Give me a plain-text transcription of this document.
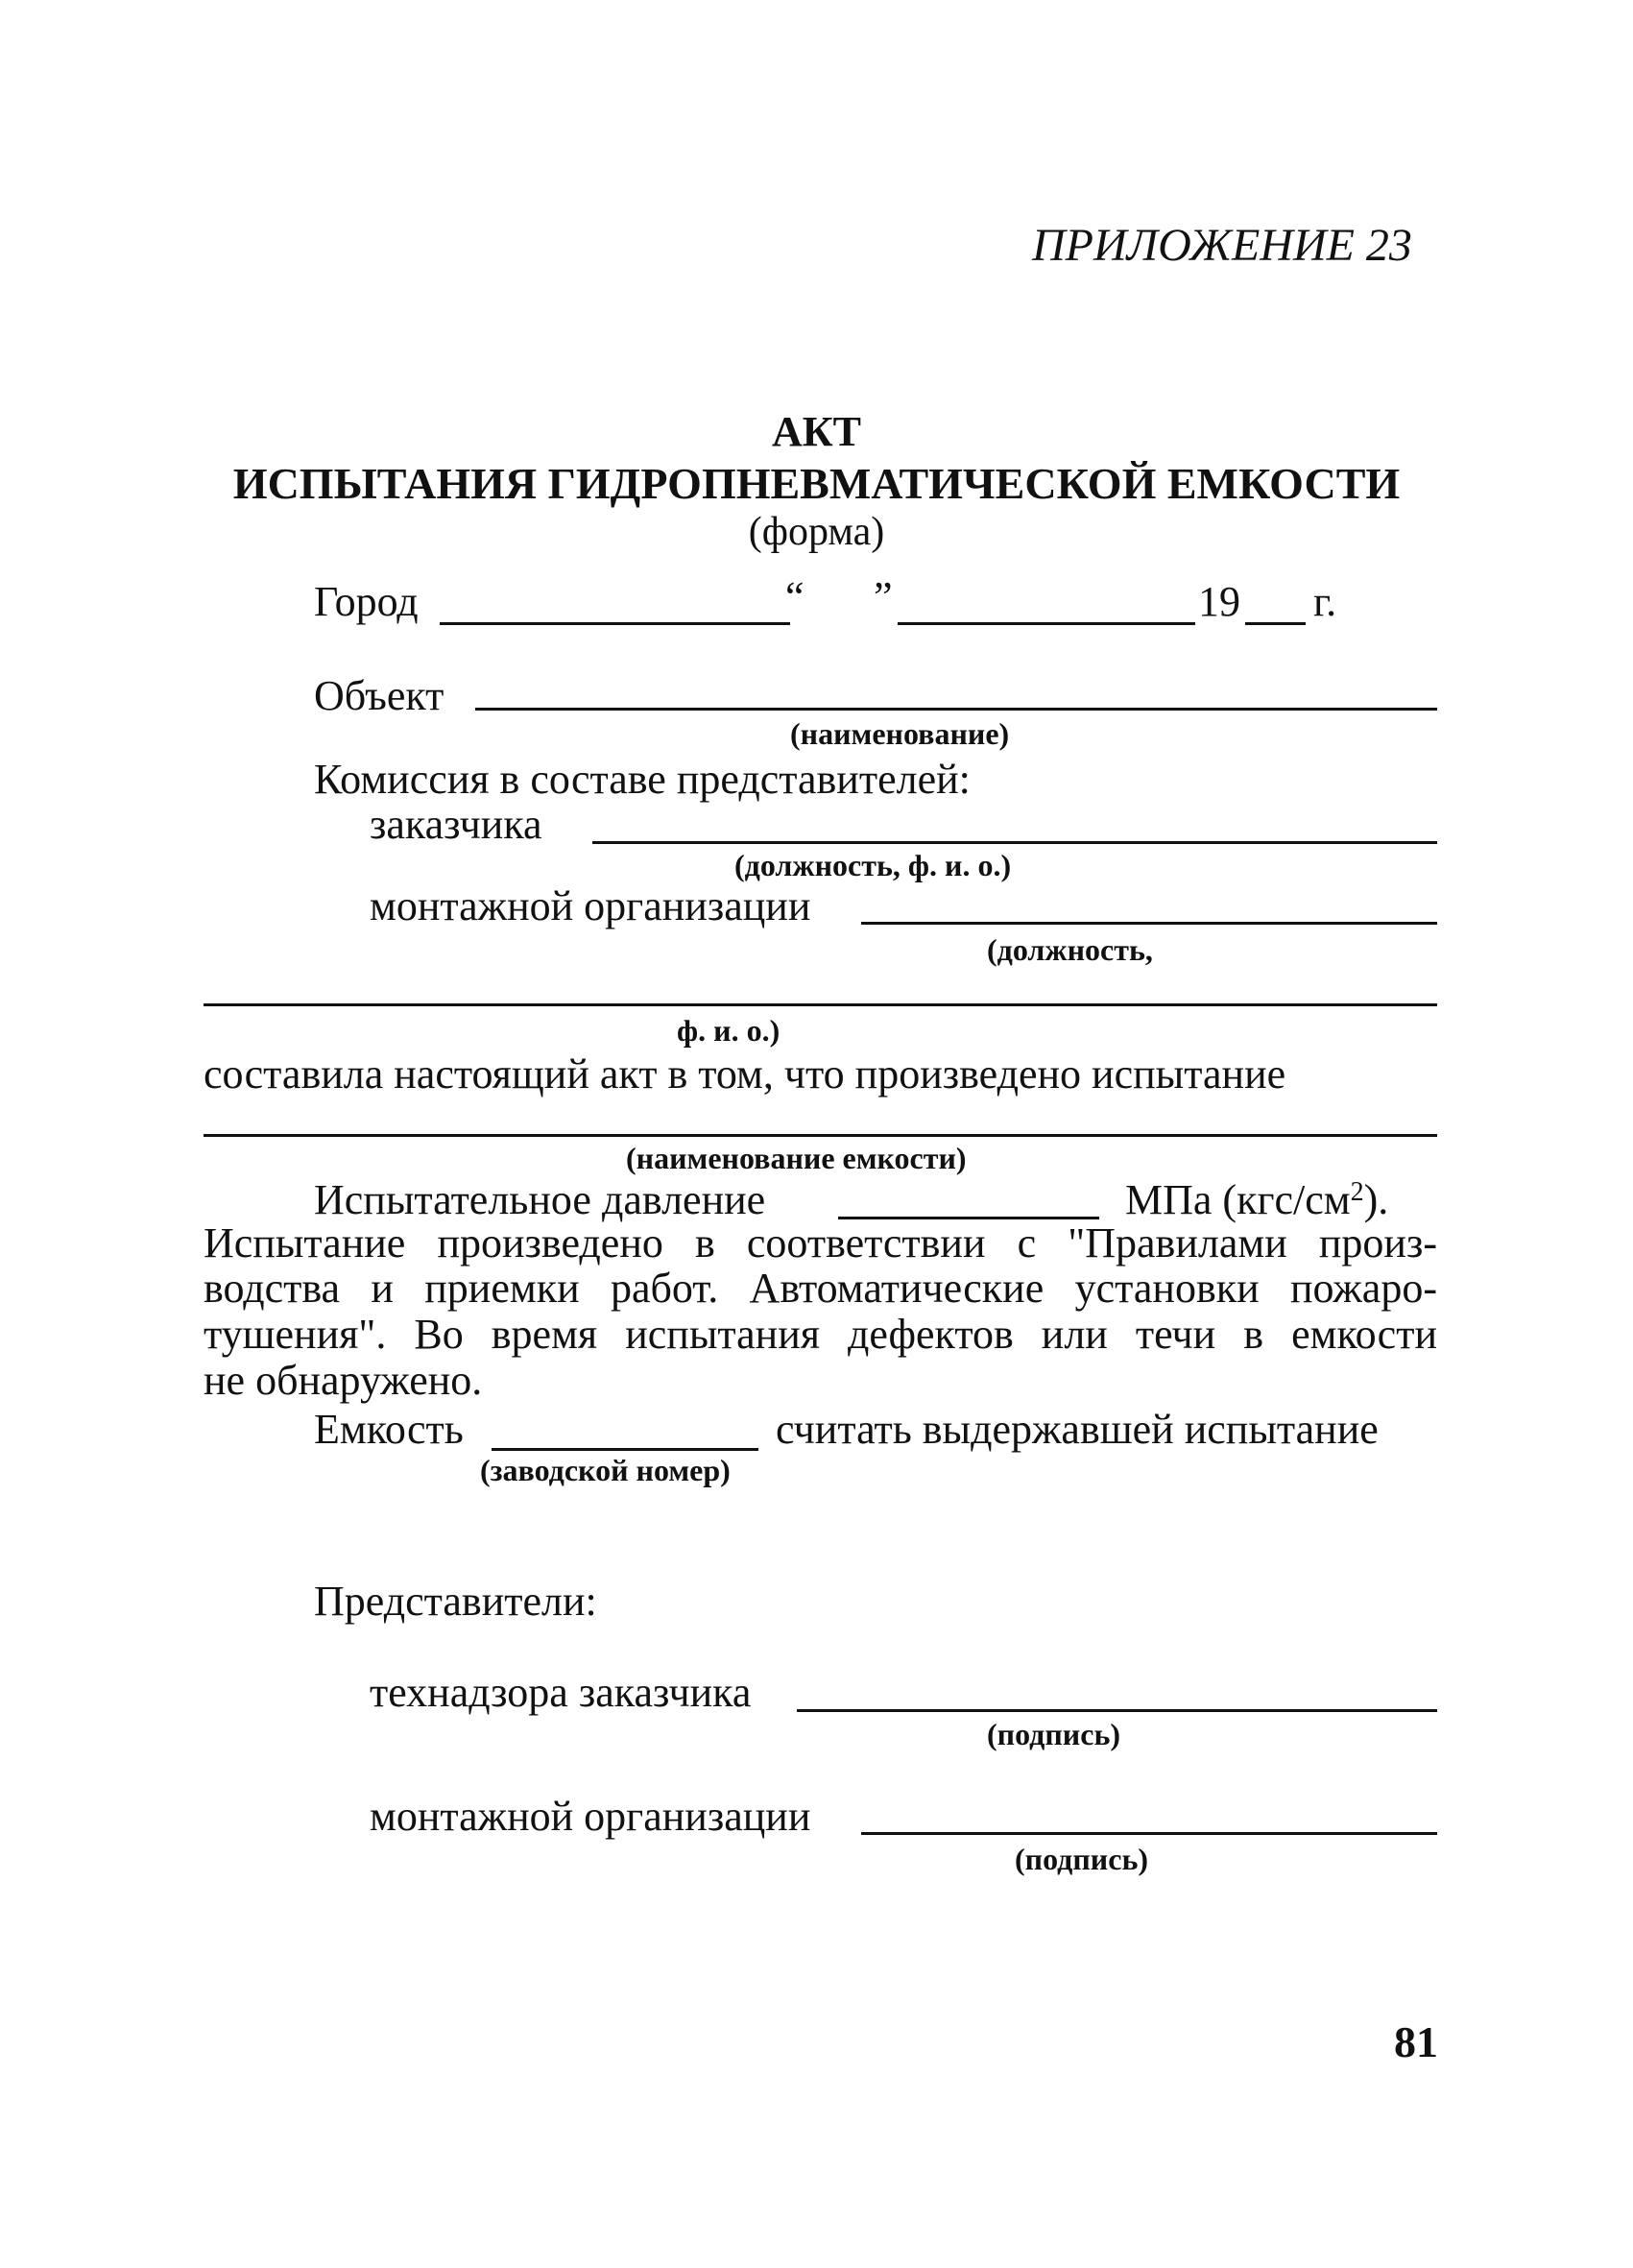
ПРИЛОЖЕНИЕ 23
АКТ
ИСПЫТАНИЯ ГИДРОПНЕВМАТИЧЕСКОЙ ЕМКОСТИ
(форма)
Город	“ ”	19 г.
Объект
(наименование)
Комиссия в составе представителей:
заказчика
(должность, ф. и. о.)
монтажной организации
(должность,
ф. и. о.)
составила настоящий акт в том, что произведено испытание
(наименование емкости)
Испытательное давление	МПа $(кгс/см^2)$.
Испытание произведено в соответствии с "Правилами произ-
водства и приемки работ. Автоматические установки пожаро-
тушения". Во время испытания дефектов или течи в емкости
не обнаружено.
Емкость	считать выдержавшей испытание
(заводской номер)
Представители:
технадзора заказчика
(подпись)
монтажной организации
(подпись)
81
